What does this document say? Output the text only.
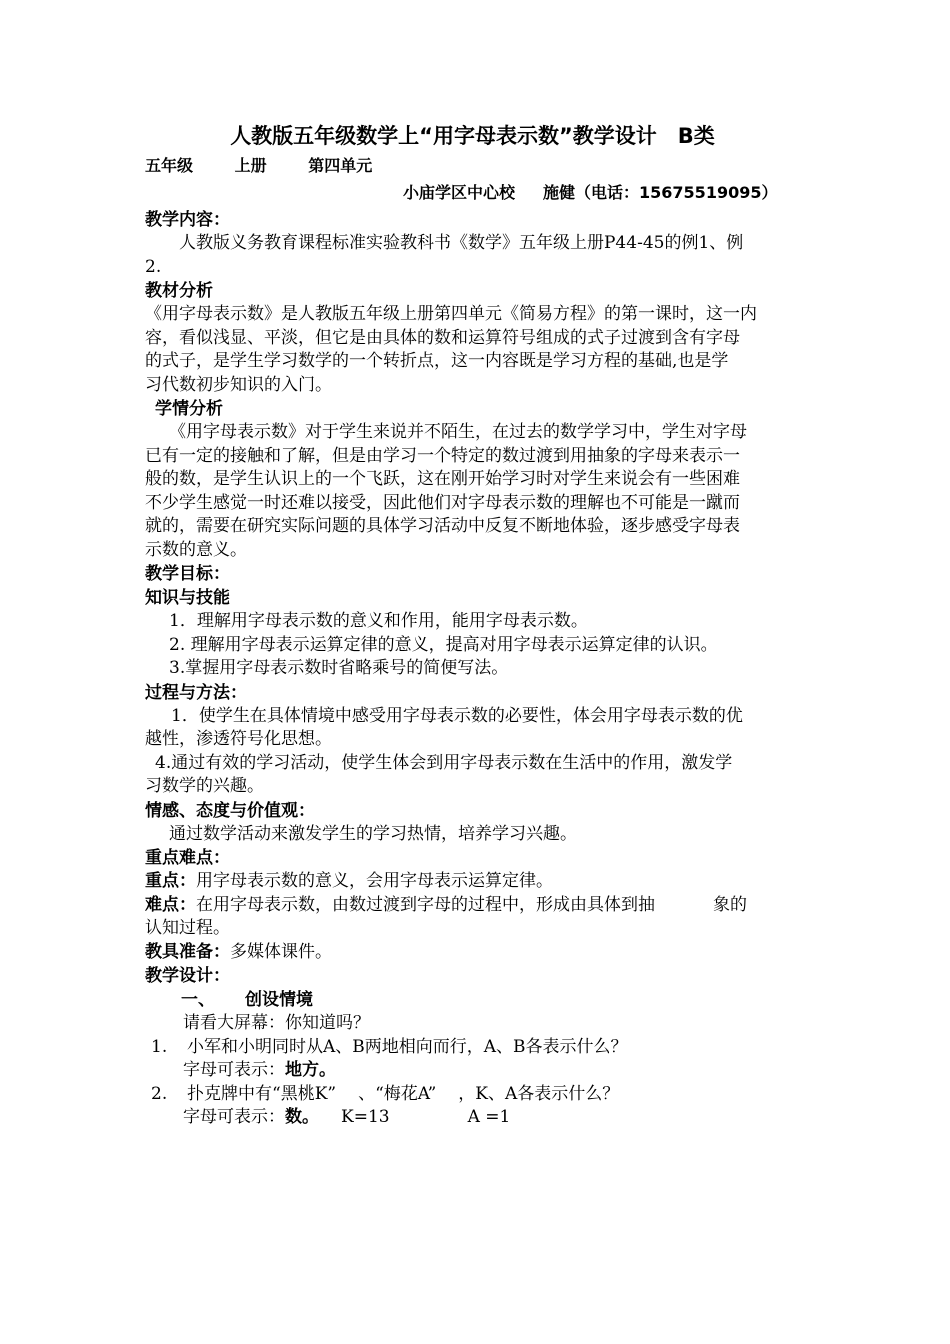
人教版五年级数学上“用字母表示数”教学设计　B类
五年级	上册	第四单元
小庙学区中心校 施健（电话：15675519095）
教学内容：
人教版义务教育课程标准实验教科书《数学》五年级上册P44-45的例1、例
2.
教材分析
《用字母表示数》是人教版五年级上册第四单元《简易方程》的第一课时，这一内
容，看似浅显、平淡，但它是由具体的数和运算符号组成的式子过渡到含有字母
的式子，是学生学习数学的一个转折点，这一内容既是学习方程的基础,也是学
习代数初步知识的入门。
学情分析
《用字母表示数》对于学生来说并不陌生，在过去的数学学习中，学生对字母
已有一定的接触和了解，但是由学习一个特定的数过渡到用抽象的字母来表示一
般的数，是学生认识上的一个飞跃，这在刚开始学习时对学生来说会有一些困难
不少学生感觉一时还难以接受，因此他们对字母表示数的理解也不可能是一蹴而
就的，需要在研究实际问题的具体学习活动中反复不断地体验，逐步感受字母表
示数的意义。
教学目标：
知识与技能
1．理解用字母表示数的意义和作用，能用字母表示数。
2. 理解用字母表示运算定律的意义，提高对用字母表示运算定律的认识。
3.掌握用字母表示数时省略乘号的简便写法。
过程与方法：
1．使学生在具体情境中感受用字母表示数的必要性，体会用字母表示数的优
越性，渗透符号化思想。
4.通过有效的学习活动，使学生体会到用字母表示数在生活中的作用，激发学
习数学的兴趣。
情感、态度与价值观：
通过数学活动来激发学生的学习热情，培养学习兴趣。
重点难点：
重点：用字母表示数的意义，会用字母表示运算定律。
难点：在用字母表示数，由数过渡到字母的过程中，形成由具体到抽	象的
认知过程。
教具准备：多媒体课件。
教学设计：
一、 创设情境
请看大屏幕：你知道吗？
1. 小军和小明同时从A、B两地相向而行，A、B各表示什么？
字母可表示：地方。
2. 扑克牌中有“黑桃K” 、“梅花A” ，K、A各表示什么？
字母可表示：数。 K=13	A =1
